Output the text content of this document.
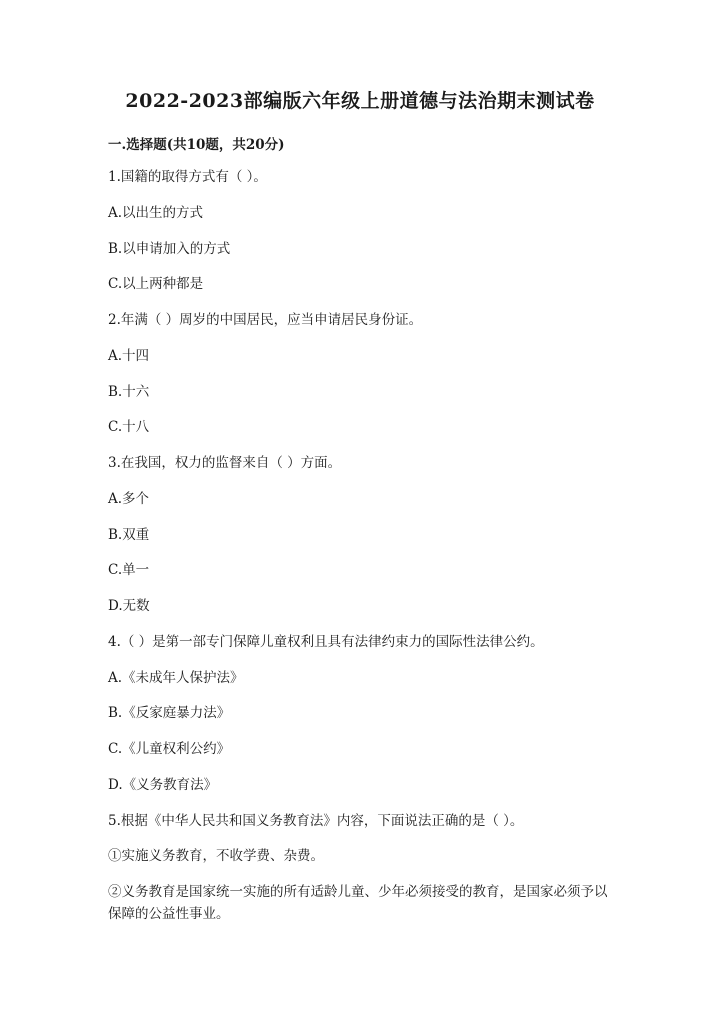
2022-2023部编版六年级上册道德与法治期末测试卷
一.选择题(共10题，共20分)
1.国籍的取得方式有（ ）。
A.以出生的方式
B.以申请加入的方式
C.以上两种都是
2.年满（ ）周岁的中国居民，应当申请居民身份证。
A.十四
B.十六
C.十八
3.在我国，权力的监督来自（ ）方面。
A.多个
B.双重
C.单一
D.无数
4.（ ）是第一部专门保障儿童权利且具有法律约束力的国际性法律公约。
A.《未成年人保护法》
B.《反家庭暴力法》
C.《儿童权利公约》
D.《义务教育法》
5.根据《中华人民共和国义务教育法》内容，下面说法正确的是（ ）。
①实施义务教育，不收学费、杂费。
②义务教育是国家统一实施的所有适龄儿童、少年必须接受的教育，是国家必须予以保障的公益性事业。
